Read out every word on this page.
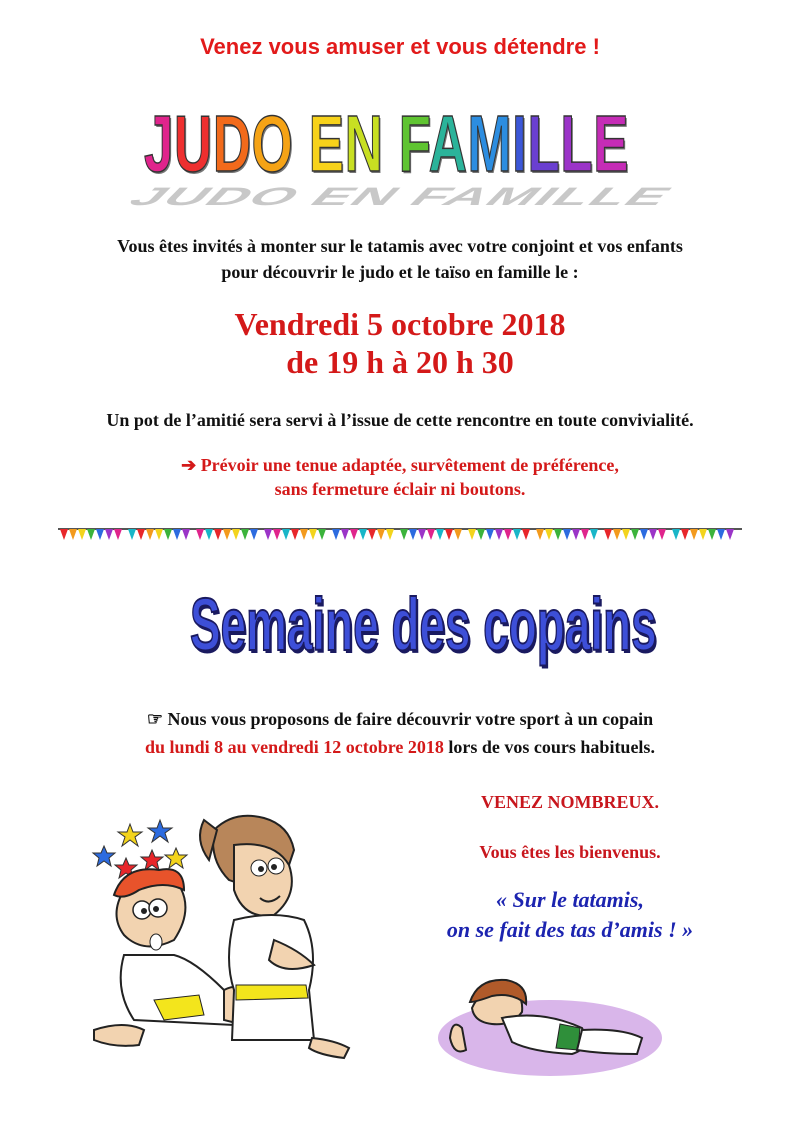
Venez vous amuser et vous détendre !
JUDO EN FAMILLE
JUDO EN FAMILLE
Vous êtes invités à monter sur le tatamis avec votre conjoint et vos enfants
pour découvrir le judo et le taïso en famille le :
Vendredi 5 octobre 2018
de 19 h à 20 h 30
Un pot de l’amitié sera servi à l’issue de cette rencontre en toute convivialité.
➔ Prévoir une tenue adaptée, survêtement de préférence,
sans fermeture éclair ni boutons.
Semaine des copains
☞ Nous vous proposons de faire découvrir votre sport à un copain
du lundi 8 au vendredi 12 octobre 2018 lors de vos cours habituels.
VENEZ NOMBREUX.
Vous êtes les bienvenus.
« Sur le tatamis,
on se fait des tas d’amis ! »
